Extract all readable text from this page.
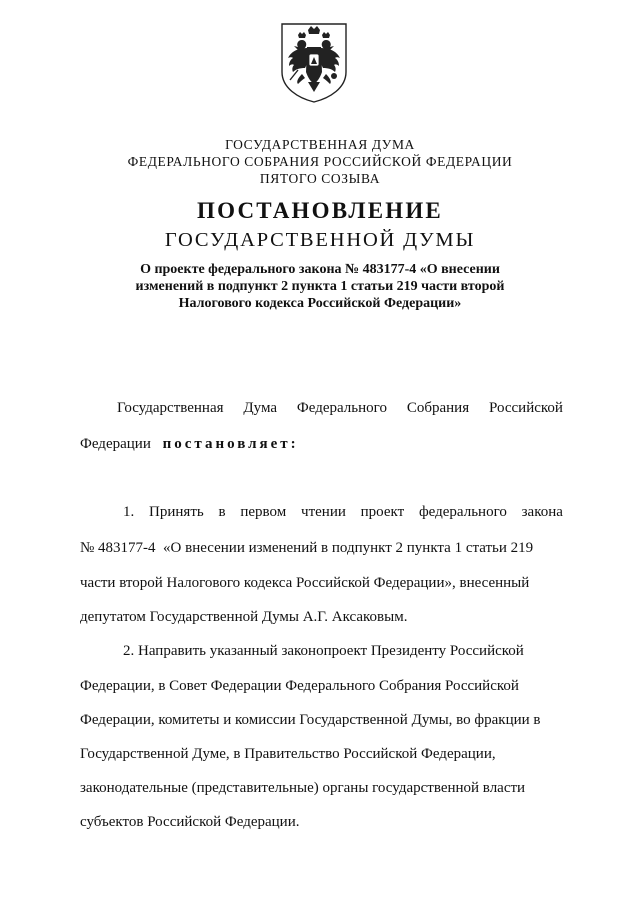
ГОСУДАРСТВЕННАЯ ДУМА
ФЕДЕРАЛЬНОГО СОБРАНИЯ РОССИЙСКОЙ ФЕДЕРАЦИИ
ПЯТОГО СОЗЫВА
ПОСТАНОВЛЕНИЕ
ГОСУДАРСТВЕННОЙ ДУМЫ
О проекте федерального закона № 483177-4 «О внесении
изменений в подпункт 2 пункта 1 статьи 219 части второй
Налогового кодекса Российской Федерации»
Государственная Дума Федерального Собрания Российской
Федерации постановляет:
1. Принять в первом чтении проект федерального закона
№ 483177-4  «О внесении изменений в подпункт 2 пункта 1 статьи 219
части второй Налогового кодекса Российской Федерации», внесенный
депутатом Государственной Думы А.Г. Аксаковым.
2. Направить указанный законопроект Президенту Российской
Федерации, в Совет Федерации Федерального Собрания Российской
Федерации, комитеты и комиссии Государственной Думы, во фракции в
Государственной Думе, в Правительство Российской Федерации,
законодательные (представительные) органы государственной власти
субъектов Российской Федерации.
